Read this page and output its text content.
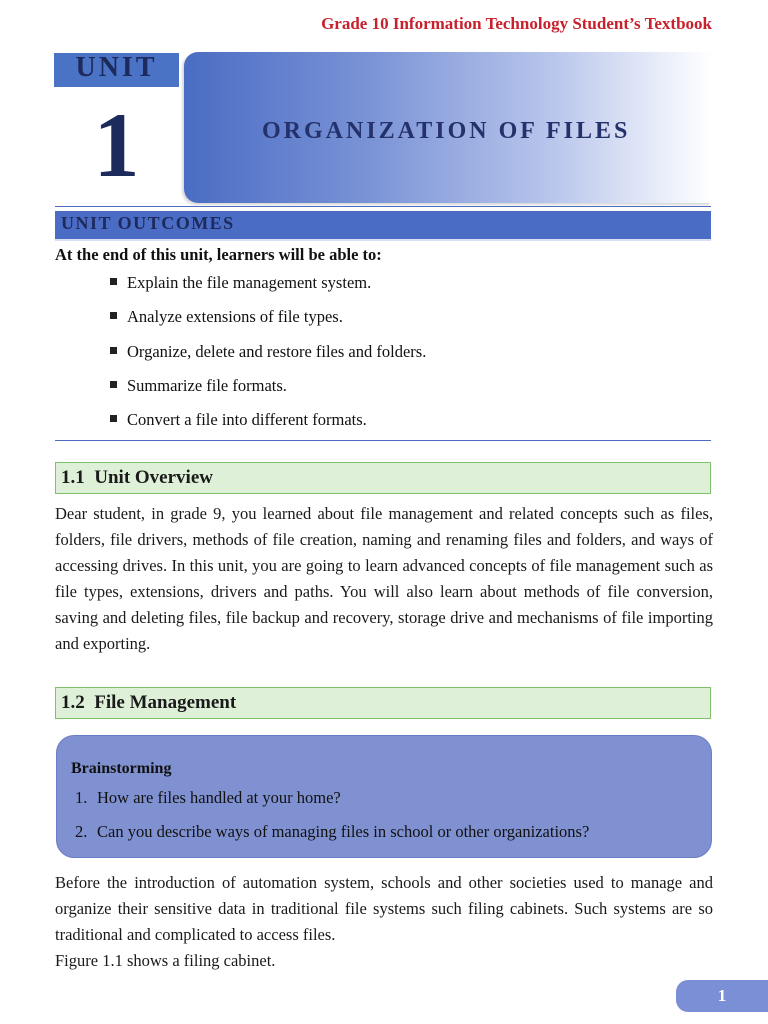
Grade 10 Information Technology Student’s Textbook
UNIT
1	ORGANIZATION OF FILES
UNIT OUTCOMES
At the end of this unit, learners will be able to:
Explain the file management system.
Analyze extensions of file types.
Organize, delete and restore files and folders.
Summarize file formats.
Convert a file into different formats.
1.1 Unit Overview

Dear student, in grade 9, you learned about file management and related concepts such as files, folders, file drivers, methods of file creation, naming and renaming files and folders, and ways of accessing drives. In this unit, you are going to learn advanced concepts of file management such as file types, extensions, drivers and paths. You will also learn about methods of file conversion, saving and deleting files, file backup and recovery, storage drive and mechanisms of file importing and exporting.

1.2 File Management
Brainstorming
1. How are files handled at your home?
2. Can you describe ways of managing files in school or other organizations?

Before the introduction of automation system, schools and other societies used to manage and organize their sensitive data in traditional file systems such filing cabinets. Such systems are so traditional and complicated to access files.

Figure 1.1 shows a filing cabinet.

1
